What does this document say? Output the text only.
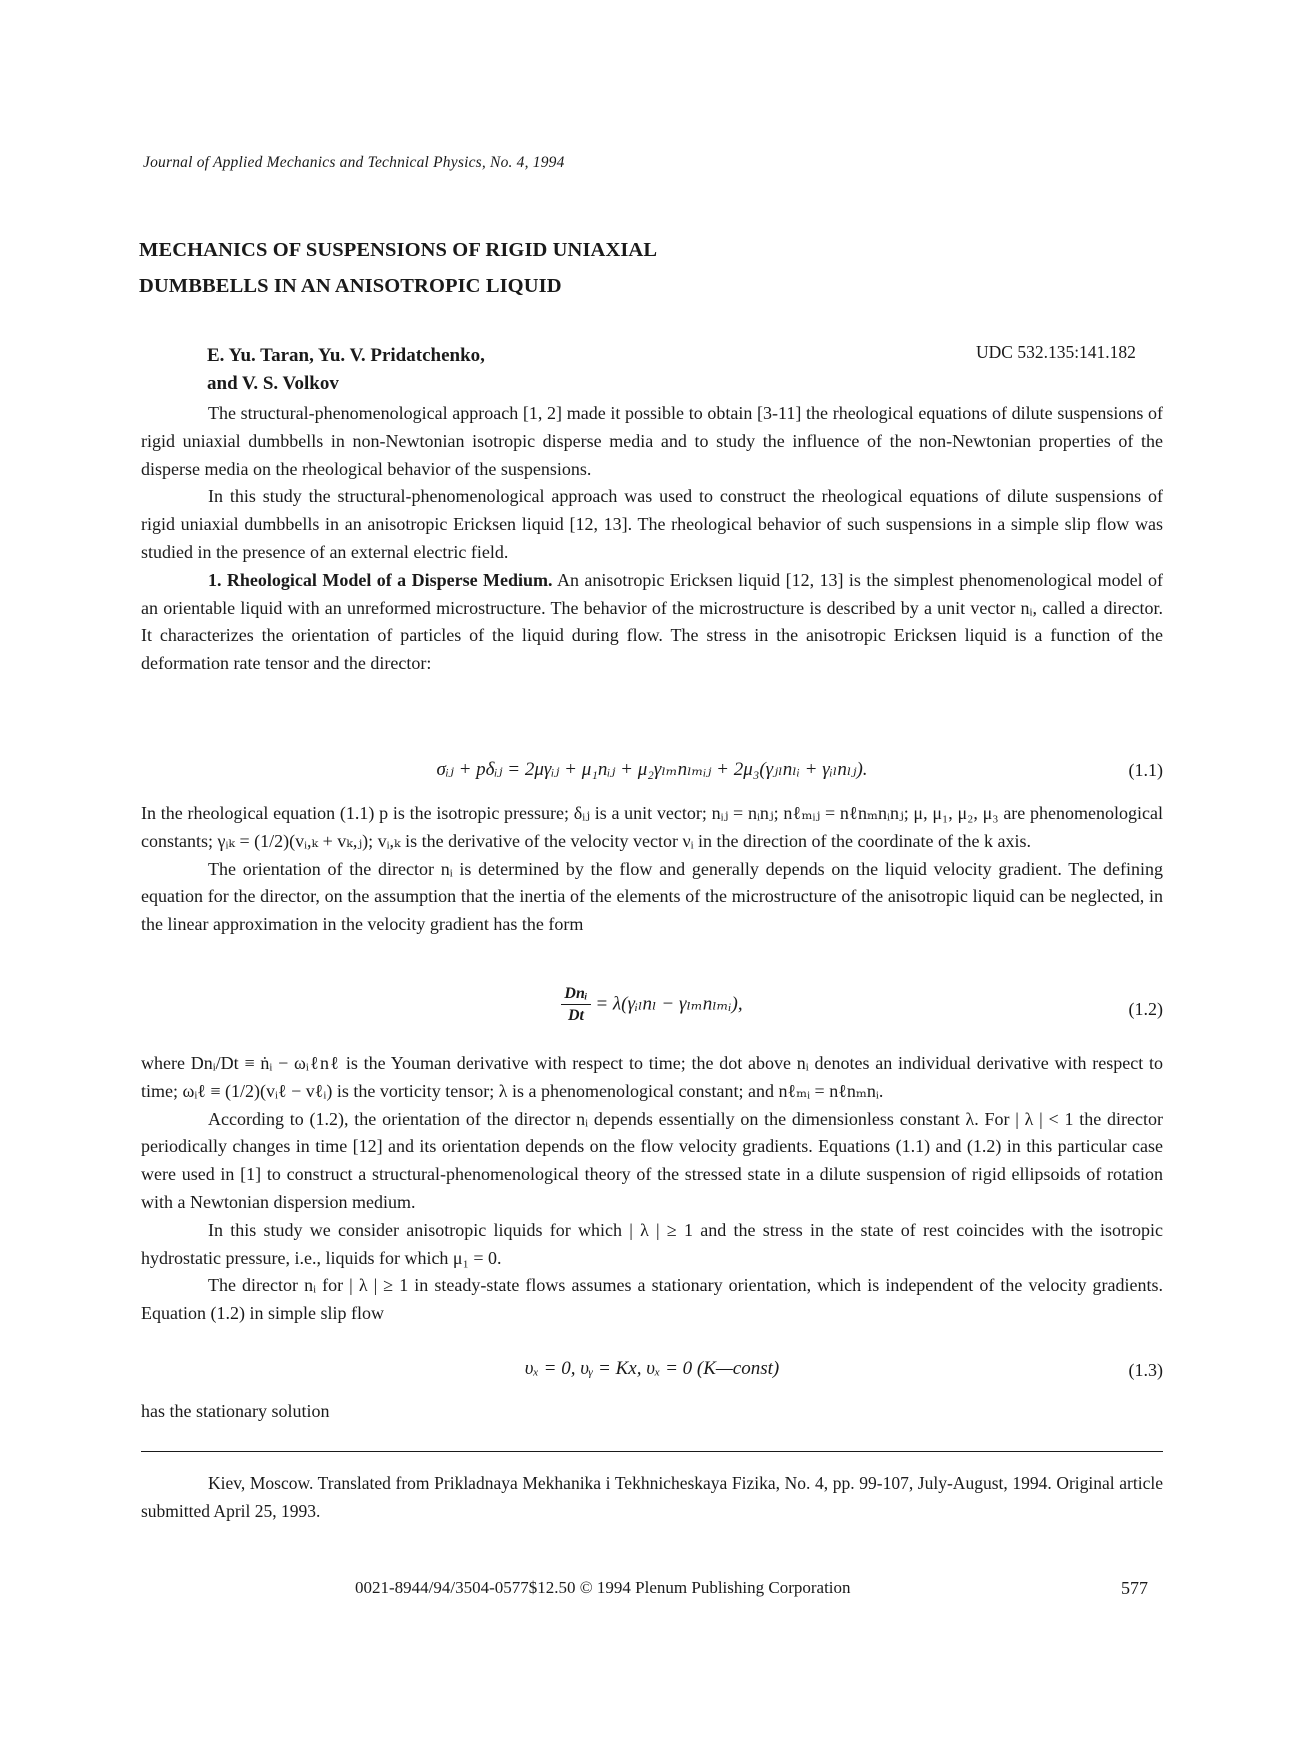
Journal of Applied Mechanics and Technical Physics, No. 4, 1994
MECHANICS OF SUSPENSIONS OF RIGID UNIAXIAL
DUMBBELLS IN AN ANISOTROPIC LIQUID
E. Yu. Taran, Yu. V. Pridatchenko,
and V. S. Volkov
UDC 532.135:141.182

The structural-phenomenological approach [1, 2] made it possible to obtain [3-11] the rheological equations of dilute suspensions of rigid uniaxial dumbbells in non-Newtonian isotropic disperse media and to study the influence of the non-Newtonian properties of the disperse media on the rheological behavior of the suspensions.

In this study the structural-phenomenological approach was used to construct the rheological equations of dilute suspensions of rigid uniaxial dumbbells in an anisotropic Ericksen liquid [12, 13]. The rheological behavior of such suspensions in a simple slip flow was studied in the presence of an external electric field.

1. Rheological Model of a Disperse Medium. An anisotropic Ericksen liquid [12, 13] is the simplest phenomenological model of an orientable liquid with an unreformed microstructure. The behavior of the microstructure is described by a unit vector nᵢ, called a director. It characterizes the orientation of particles of the liquid during flow. The stress in the anisotropic Ericksen liquid is a function of the deformation rate tensor and the director:

σᵢⱼ + pδᵢⱼ = 2μγᵢⱼ + μ₁nᵢⱼ + μ₂γₗₘnₗₘᵢⱼ + 2μ₃(γⱼₗnₗᵢ + γᵢₗnₗⱼ).	(1.1)

In the rheological equation (1.1) p is the isotropic pressure; δᵢⱼ is a unit vector; nᵢⱼ = nᵢnⱼ; nℓₘᵢⱼ = nℓnₘnᵢnⱼ; μ, μ₁, μ₂, μ₃ are phenomenological constants; γᵢₖ = (1/2)(vᵢ,ₖ + vₖ,ⱼ); vᵢ,ₖ is the derivative of the velocity vector νᵢ in the direction of the coordinate of the k axis.

The orientation of the director nᵢ is determined by the flow and generally depends on the liquid velocity gradient. The defining equation for the director, on the assumption that the inertia of the elements of the microstructure of the anisotropic liquid can be neglected, in the linear approximation in the velocity gradient has the form

$\frac{\text{Dnᵢ}}{Dt}$ = λ(γᵢₗnₗ − γₗₘnₗₘᵢ),	(1.2)

where Dnᵢ/Dt ≡ ṅᵢ − ωᵢℓnℓ is the Youman derivative with respect to time; the dot above nᵢ denotes an individual derivative with respect to time; ωᵢℓ ≡ (1/2)(vᵢℓ − vℓᵢ) is the vorticity tensor; λ is a phenomenological constant; and nℓₘᵢ = nℓnₘnᵢ.

According to (1.2), the orientation of the director nᵢ depends essentially on the dimensionless constant λ. For | λ | < 1 the director periodically changes in time [12] and its orientation depends on the flow velocity gradients. Equations (1.1) and (1.2) in this particular case were used in [1] to construct a structural-phenomenological theory of the stressed state in a dilute suspension of rigid ellipsoids of rotation with a Newtonian dispersion medium.

In this study we consider anisotropic liquids for which | λ | ≥ 1 and the stress in the state of rest coincides with the isotropic hydrostatic pressure, i.e., liquids for which μ₁ = 0.

The director nᵢ for | λ | ≥ 1 in steady-state flows assumes a stationary orientation, which is independent of the velocity gradients. Equation (1.2) in simple slip flow

υₓ = 0, υᵧ = Kx, υₓ = 0 (K—const)	(1.3)

has the stationary solution

Kiev, Moscow. Translated from Prikladnaya Mekhanika i Tekhnicheskaya Fizika, No. 4, pp. 99-107, July-August, 1994. Original article submitted April 25, 1993.

0021-8944/94/3504-0577$12.50 © 1994 Plenum Publishing Corporation	577
